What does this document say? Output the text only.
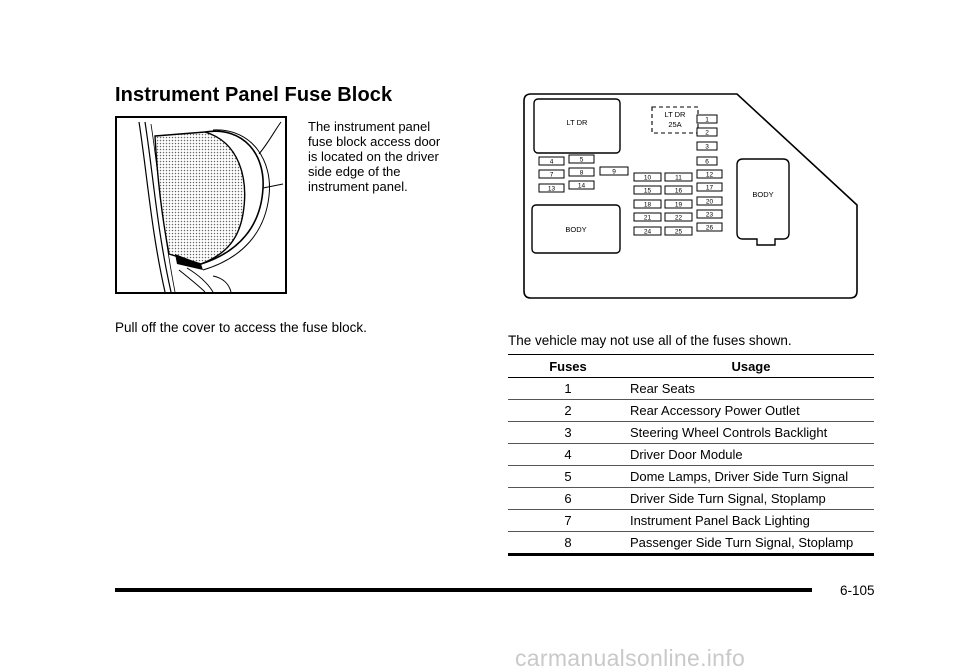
Instrument Panel Fuse Block
The instrument panel
fuse block access door
is located on the driver
side edge of the
instrument panel.
Pull off the cover to access the fuse block.
LT DR
LT DR
25A
BODY
BODY
1
2
3
4	5	6
7	8	9
10	11	12
13	14
15	16	17
18	19	20
21	22	23
24	25
26
The vehicle may not use all of the fuses shown.
Fuses	Usage
1	Rear Seats
2	Rear Accessory Power Outlet
3	Steering Wheel Controls Backlight
4	Driver Door Module
5	Dome Lamps, Driver Side Turn Signal
6	Driver Side Turn Signal, Stoplamp
7	Instrument Panel Back Lighting
8	Passenger Side Turn Signal, Stoplamp
6-105
carmanualsonline.info
